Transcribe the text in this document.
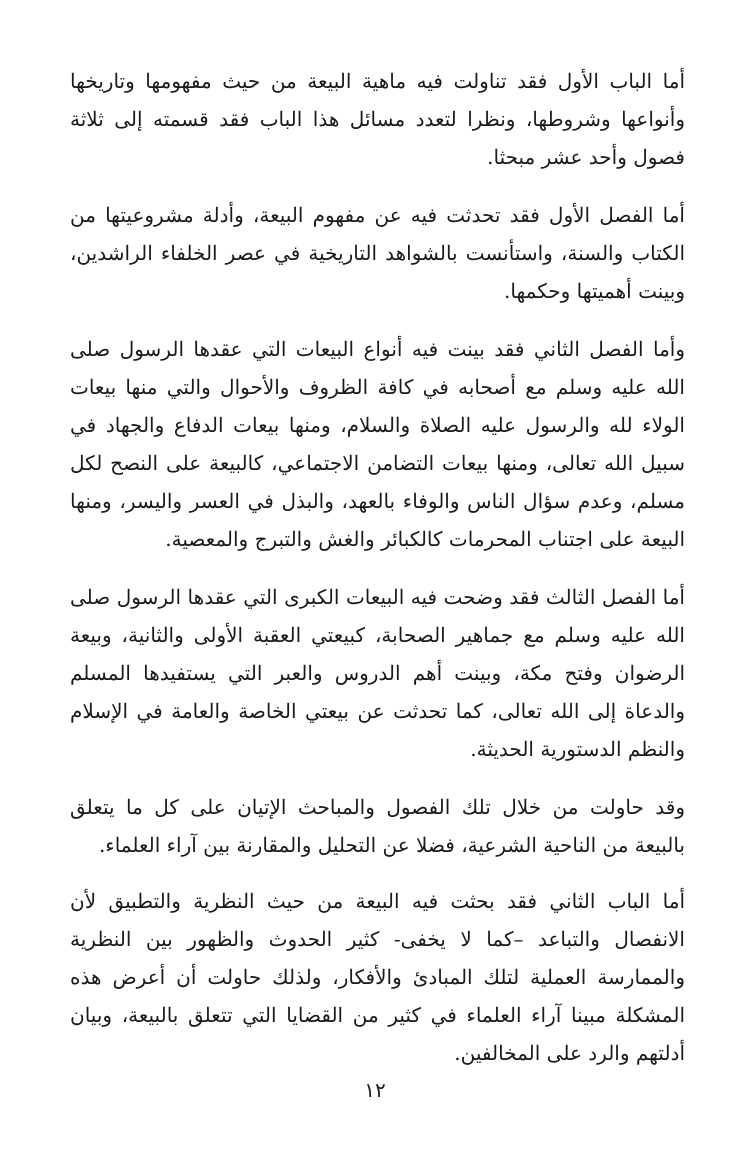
أما الباب الأول فقد تناولت فيه ماهية البيعة من حيث مفهومها وتاريخها وأنواعها وشروطها، ونظرا لتعدد مسائل هذا الباب فقد قسمته إلى ثلاثة فصول وأحد عشر مبحثا.

أما الفصل الأول فقد تحدثت فيه عن مفهوم البيعة، وأدلة مشروعيتها من الكتاب والسنة، واستأنست بالشواهد التاريخية في عصر الخلفاء الراشدين، وبينت أهميتها وحكمها.

وأما الفصل الثاني فقد بينت فيه أنواع البيعات التي عقدها الرسول صلى الله عليه وسلم مع أصحابه في كافة الظروف والأحوال والتي منها بيعات الولاء لله والرسول عليه الصلاة والسلام، ومنها بيعات الدفاع والجهاد في سبيل الله تعالى، ومنها بيعات التضامن الاجتماعي، كالبيعة على النصح لكل مسلم، وعدم سؤال الناس والوفاء بالعهد، والبذل في العسر واليسر، ومنها البيعة على اجتناب المحرمات كالكبائر والغش والتبرج والمعصية.

أما الفصل الثالث فقد وضحت فيه البيعات الكبرى التي عقدها الرسول صلى الله عليه وسلم مع جماهير الصحابة، كبيعتي العقبة الأولى والثانية، وبيعة الرضوان وفتح مكة، وبينت أهم الدروس والعبر التي يستفيدها المسلم والدعاة إلى الله تعالى، كما تحدثت عن بيعتي الخاصة والعامة في الإسلام والنظم الدستورية الحديثة.

وقد حاولت من خلال تلك الفصول والمباحث الإتيان على كل ما يتعلق بالبيعة من الناحية الشرعية، فضلا عن التحليل والمقارنة بين آراء العلماء.

أما الباب الثاني فقد بحثت فيه البيعة من حيث النظرية والتطبيق لأن الانفصال والتباعد –كما لا يخفى- كثير الحدوث والظهور بين النظرية والممارسة العملية لتلك المبادئ والأفكار، ولذلك حاولت أن أعرض هذه المشكلة مبينا آراء العلماء في كثير من القضايا التي تتعلق بالبيعة، وبيان أدلتهم والرد على المخالفين.

١٢
